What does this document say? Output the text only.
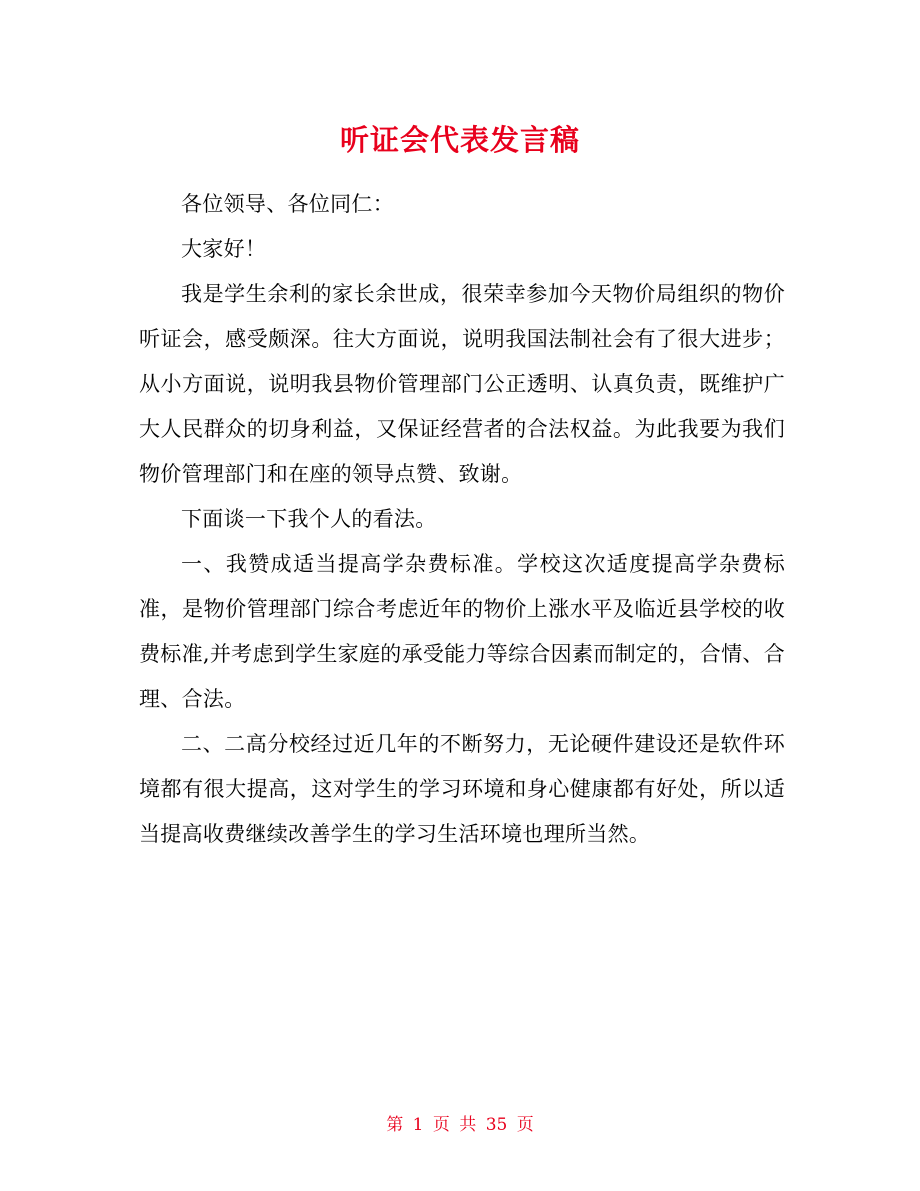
听证会代表发言稿

各位领导、各位同仁：

大家好！

我是学生余利的家长余世成，很荣幸参加今天物价局组织的物价听证会，感受颇深。往大方面说，说明我国法制社会有了很大进步；从小方面说，说明我县物价管理部门公正透明、认真负责，既维护广大人民群众的切身利益，又保证经营者的合法权益。为此我要为我们物价管理部门和在座的领导点赞、致谢。

下面谈一下我个人的看法。

一、我赞成适当提高学杂费标准。学校这次适度提高学杂费标准，是物价管理部门综合考虑近年的物价上涨水平及临近县学校的收费标准,并考虑到学生家庭的承受能力等综合因素而制定的，合情、合理、合法。

二、二高分校经过近几年的不断努力，无论硬件建设还是软件环境都有很大提高，这对学生的学习环境和身心健康都有好处，所以适当提高收费继续改善学生的学习生活环境也理所当然。

第 1 页 共 35 页
